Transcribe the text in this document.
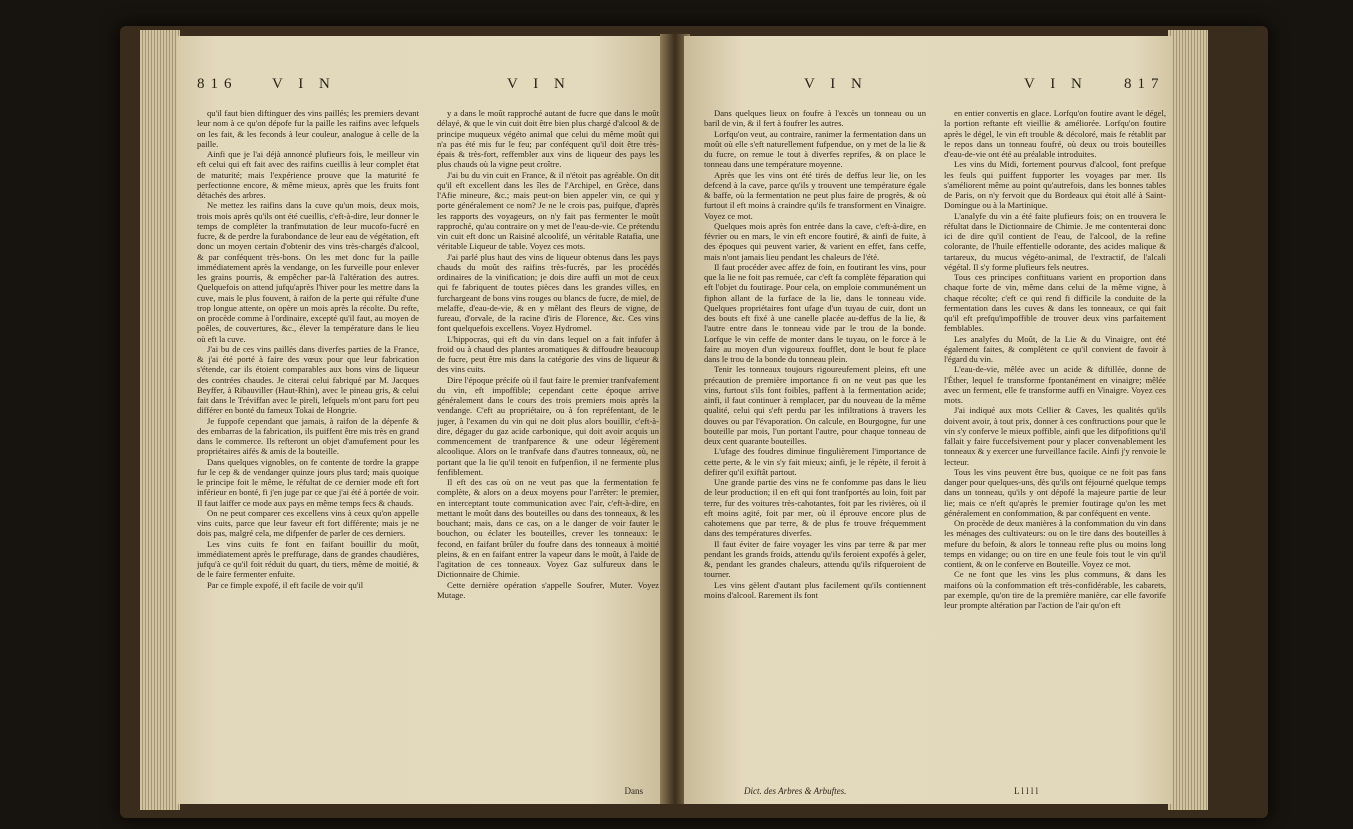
816 V I N	V I N

qu'il faut bien diftinguer des vins paillés; les premiers devant leur nom à ce qu'on dépofe fur la paille les raifins avec lefquels on les fait, & les feconds à leur couleur, analogue à celle de la paille.

Ainfi que je l'ai déjà annoncé plufieurs fois, le meilleur vin eft celui qui eft fait avec des raifins cueillis à leur complet état de maturité; mais l'expérience prouve que la maturité fe perfectionne encore, & même mieux, après que les fruits font détachés des arbres.

Ne mettez les raifins dans la cuve qu'un mois, deux mois, trois mois après qu'ils ont été cueillis, c'eft-à-dire, leur donner le temps de compléter la tranfmutation de leur mucofo-fucré en fucre, & de perdre la furabondance de leur eau de végétation, eft donc un moyen certain d'obtenir des vins très-chargés d'alcool, & par conféquent très-bons. On les met donc fur la paille immédiatement après la vendange, on les furveille pour enlever les grains pourris, & empêcher par-là l'altération des autres. Quelquefois on attend jufqu'après l'hiver pour les mettre dans la cuve, mais le plus fouvent, à raifon de la perte qui réfulte d'une trop longue attente, on opère un mois après la récolte. Du refte, on procède comme à l'ordinaire, excepté qu'il faut, au moyen de poêles, de couvertures, &c., élever la température dans le lieu où eft la cuve.

J'ai bu de ces vins paillés dans diverfes parties de la France, & j'ai été porté à faire des vœux pour que leur fabrication s'étende, car ils étoient comparables aux bons vins de liqueur des contrées chaudes. Je citerai celui fabriqué par M. Jacques Beyffer, à Ribauviller (Haut-Rhin), avec le pineau gris, & celui fait dans le Tréviffan avec le pireli, lefquels m'ont paru fort peu différer en bonté du fameux Tokai de Hongrie.

Je fuppofe cependant que jamais, à raifon de la dépenfe & des embarras de la fabrication, ils puiffent être mis très en grand dans le commerce. Ils refteront un objet d'amufement pour les propriétaires aifés & amis de la bouteille.

Dans quelques vignobles, on fe contente de tordre la grappe fur le cep & de vendanger quinze jours plus tard; mais quoique le principe foit le même, le réfultat de ce dernier mode eft fort inférieur en bonté, fi j'en juge par ce que j'ai été à portée de voir. Il faut laiffer ce mode aux pays en même temps fecs & chauds.

On ne peut comparer ces excellens vins à ceux qu'on appelle vins cuits, parce que leur faveur eft fort différente; mais je ne dois pas, malgré cela, me difpenfer de parler de ces derniers.

Les vins cuits fe font en faifant bouillir du moût, immédiatement après le preffurage, dans de grandes chaudières, jufqu'à ce qu'il foit réduit du quart, du tiers, même de moitié, & de le faire fermenter enfuite.

Par ce fimple expofé, il eft facile de voir qu'il

y a dans le moût rapproché autant de fucre que dans le moût délayé, & que le vin cuit doit être bien plus chargé d'alcool & de principe muqueux végéto animal que celui du même moût qui n'a pas été mis fur le feu; par conféquent qu'il doit être très-épais & très-fort, reffembler aux vins de liqueur des pays les plus chauds où la vigne peut croître.

J'ai bu du vin cuit en France, & il n'étoit pas agréable. On dit qu'il eft excellent dans les îles de l'Archipel, en Grèce, dans l'Afie mineure, &c.; mais peut-on bien appeler vin, ce qui y porte généralement ce nom? Je ne le crois pas, puifque, d'après les rapports des voyageurs, on n'y fait pas fermenter le moût rapproché, qu'au contraire on y met de l'eau-de-vie. Ce prétendu vin cuit eft donc un Raisiné alcoolifé, un véritable Ratafia, une véritable Liqueur de table. Voyez ces mots.

J'ai parlé plus haut des vins de liqueur obtenus dans les pays chauds du moût des raifins très-fucrés, par les procédés ordinaires de la vinification; je dois dire auffi un mot de ceux qui fe fabriquent de toutes pièces dans les grandes villes, en furchargeant de bons vins rouges ou blancs de fucre, de miel, de melaffe, d'eau-de-vie, & en y mêlant des fleurs de vigne, de fureau, d'orvale, de la racine d'iris de Florence, &c. Ces vins font quelquefois excellens. Voyez Hydromel.

L'hippocras, qui eft du vin dans lequel on a fait infufer à froid ou à chaud des plantes aromatiques & diffoudre beaucoup de fucre, peut être mis dans la catégorie des vins de liqueur & des vins cuits.

Dire l'époque précife où il faut faire le premier tranfvafement du vin, eft impoffible; cependant cette époque arrive généralement dans le cours des trois premiers mois après la vendange. C'eft au propriétaire, ou à fon repréfentant, de le juger, à l'examen du vin qui ne doit plus alors bouillir, c'eft-à-dire, dégager du gaz acide carbonique, qui doit avoir acquis un commencement de tranfparence & une odeur légèrement alcoolique. Alors on le tranfvafe dans d'autres tonneaux, où, ne portant que la lie qu'il tenoit en fufpenfion, il ne fermente plus fenfiblement.

Il eft des cas où on ne veut pas que la fermentation fe complète, & alors on a deux moyens pour l'arrêter: le premier, en interceptant toute communication avec l'air, c'eft-à-dire, en mettant le moût dans des bouteilles ou dans des tonneaux, & les bouchant; mais, dans ce cas, on a le danger de voir fauter le bouchon, ou éclater les bouteilles, crever les tonneaux: le fecond, en faifant brûler du foufre dans des tonneaux à moitié pleins, & en en faifant entrer la vapeur dans le moût, à l'aide de l'agitation de ces tonneaux. Voyez Gaz sulfureux dans le Dictionnaire de Chimie.

Cette dernière opération s'appelle Soufrer, Muter. Voyez Mutage.

Dans
V I N	V I N 817

Dans quelques lieux on foufre à l'excès un tonneau ou un baril de vin, & il fert à foufrer les autres.

Lorfqu'on veut, au contraire, ranimer la fermentation dans un moût où elle s'eft naturellement fufpendue, on y met de la lie & du fucre, on remue le tout à diverfes reprifes, & on place le tonneau dans une température moyenne.

Après que les vins ont été tirés de deffus leur lie, on les defcend à la cave, parce qu'ils y trouvent une température égale & baffe, où la fermentation ne peut plus faire de progrès, & où furtout il eft moins à craindre qu'ils fe transforment en Vinaigre. Voyez ce mot.

Quelques mois après fon entrée dans la cave, c'eft-à-dire, en février ou en mars, le vin eft encore foutiré, & ainfi de fuite, à des époques qui peuvent varier, & varient en effet, fans ceffe, mais n'ont jamais lieu pendant les chaleurs de l'été.

Il faut procéder avec affez de foin, en foutirant les vins, pour que la lie ne foit pas remuée, car c'eft fa complète féparation qui eft l'objet du foutirage. Pour cela, on emploie communément un fiphon allant de la furface de la lie, dans le tonneau vide. Quelques propriétaires font ufage d'un tuyau de cuir, dont un des bouts eft fixé à une canelle placée au-deffus de la lie, & l'autre entre dans le tonneau vide par le trou de la bonde. Lorfque le vin ceffe de monter dans le tuyau, on le force à le faire au moyen d'un vigoureux foufflet, dont le bout fe place dans le trou de la bonde du tonneau plein.

Tenir les tonneaux toujours rigoureufement pleins, eft une précaution de première importance fi on ne veut pas que les vins, furtout s'ils font foibles, paffent à la fermentation acide; ainfi, il faut continuer à remplacer, par du nouveau de la même qualité, celui qui s'eft perdu par les infiltrations à travers les douves ou par l'évaporation. On calcule, en Bourgogne, fur une bouteille par mois, l'un portant l'autre, pour chaque tonneau de deux cent quarante bouteilles.

L'ufage des foudres diminue fingulièrement l'importance de cette perte, & le vin s'y fait mieux; ainfi, je le répète, il feroit à defirer qu'il exiftât partout.

Une grande partie des vins ne fe confomme pas dans le lieu de leur production; il en eft qui font tranfportés au loin, foit par terre, fur des voitures très-cahotantes, foit par les rivières, où il eft moins agité, foit par mer, où il éprouve encore plus de cahotemens que par terre, & de plus fe trouve fréquemment dans des températures diverfes.

Il faut éviter de faire voyager les vins par terre & par mer pendant les grands froids, attendu qu'ils feroient expofés à geler, &, pendant les grandes chaleurs, attendu qu'ils rifqueroient de tourner.

Les vins gèlent d'autant plus facilement qu'ils contiennent moins d'alcool. Rarement ils font

en entier convertis en glace. Lorfqu'on foutire avant le dégel, la portion reftante eft vieillie & améliorée. Lorfqu'on foutire après le dégel, le vin eft trouble & décoloré, mais fe rétablit par le repos dans un tonneau foufré, où deux ou trois bouteilles d'eau-de-vie ont été au préalable introduites.

Les vins du Midi, fortement pourvus d'alcool, font prefque les feuls qui puiffent fupporter les voyages par mer. Ils s'améliorent même au point qu'autrefois, dans les bonnes tables de Paris, on n'y fervoit que du Bordeaux qui étoit allé à Saint-Domingue ou à la Martinique.

L'analyfe du vin a été faite plufieurs fois; on en trouvera le réfultat dans le Dictionnaire de Chimie. Je me contenterai donc ici de dire qu'il contient de l'eau, de l'alcool, de la refine colorante, de l'huile effentielle odorante, des acides malique & tartareux, du mucus végéto-animal, de l'extractif, de l'alcali végétal. Il s'y forme plufieurs fels neutres.

Tous ces principes conftituans varient en proportion dans chaque forte de vin, même dans celui de la même vigne, à chaque récolte; c'eft ce qui rend fi difficile la conduite de la fermentation dans les cuves & dans les tonneaux, ce qui fait qu'il eft prefqu'impoffible de trouver deux vins parfaitement femblables.

Les analyfes du Moût, de la Lie & du Vinaigre, ont été également faites, & complètent ce qu'il convient de favoir à l'égard du vin.

L'eau-de-vie, mêlée avec un acide & diftillée, donne de l'Éther, lequel fe transforme fpontanément en vinaigre; mêlée avec un ferment, elle fe transforme auffi en Vinaigre. Voyez ces mots.

J'ai indiqué aux mots Cellier & Caves, les qualités qu'ils doivent avoir, à tout prix, donner à ces conftructions pour que le vin s'y conferve le mieux poffible, ainfi que les difpofitions qu'il fallait y faire fuccefsivement pour y placer convenablement les tonneaux & y exercer une furveillance facile. Ainfi j'y renvoie le lecteur.

Tous les vins peuvent être bus, quoique ce ne foit pas fans danger pour quelques-uns, dès qu'ils ont féjourné quelque temps dans un tonneau, qu'ils y ont dépofé la majeure partie de leur lie; mais ce n'eft qu'après le premier foutirage qu'on les met généralement en confommation, & par conféquent en vente.

On procède de deux manières à la confommation du vin dans les ménages des cultivateurs: ou on le tire dans des bouteilles à mefure du befoin, & alors le tonneau refte plus ou moins long temps en vidange; ou on tire en une feule fois tout le vin qu'il contient, & on le conferve en Bouteille. Voyez ce mot.

Ce ne font que les vins les plus communs, & dans les maifons où la confommation eft très-confidérable, les cabarets, par exemple, qu'on tire de la première manière, car elle favorife leur prompte altération par l'action de l'air qu'on eft

Dict. des Arbres & Arbuftes.	L l l l l
